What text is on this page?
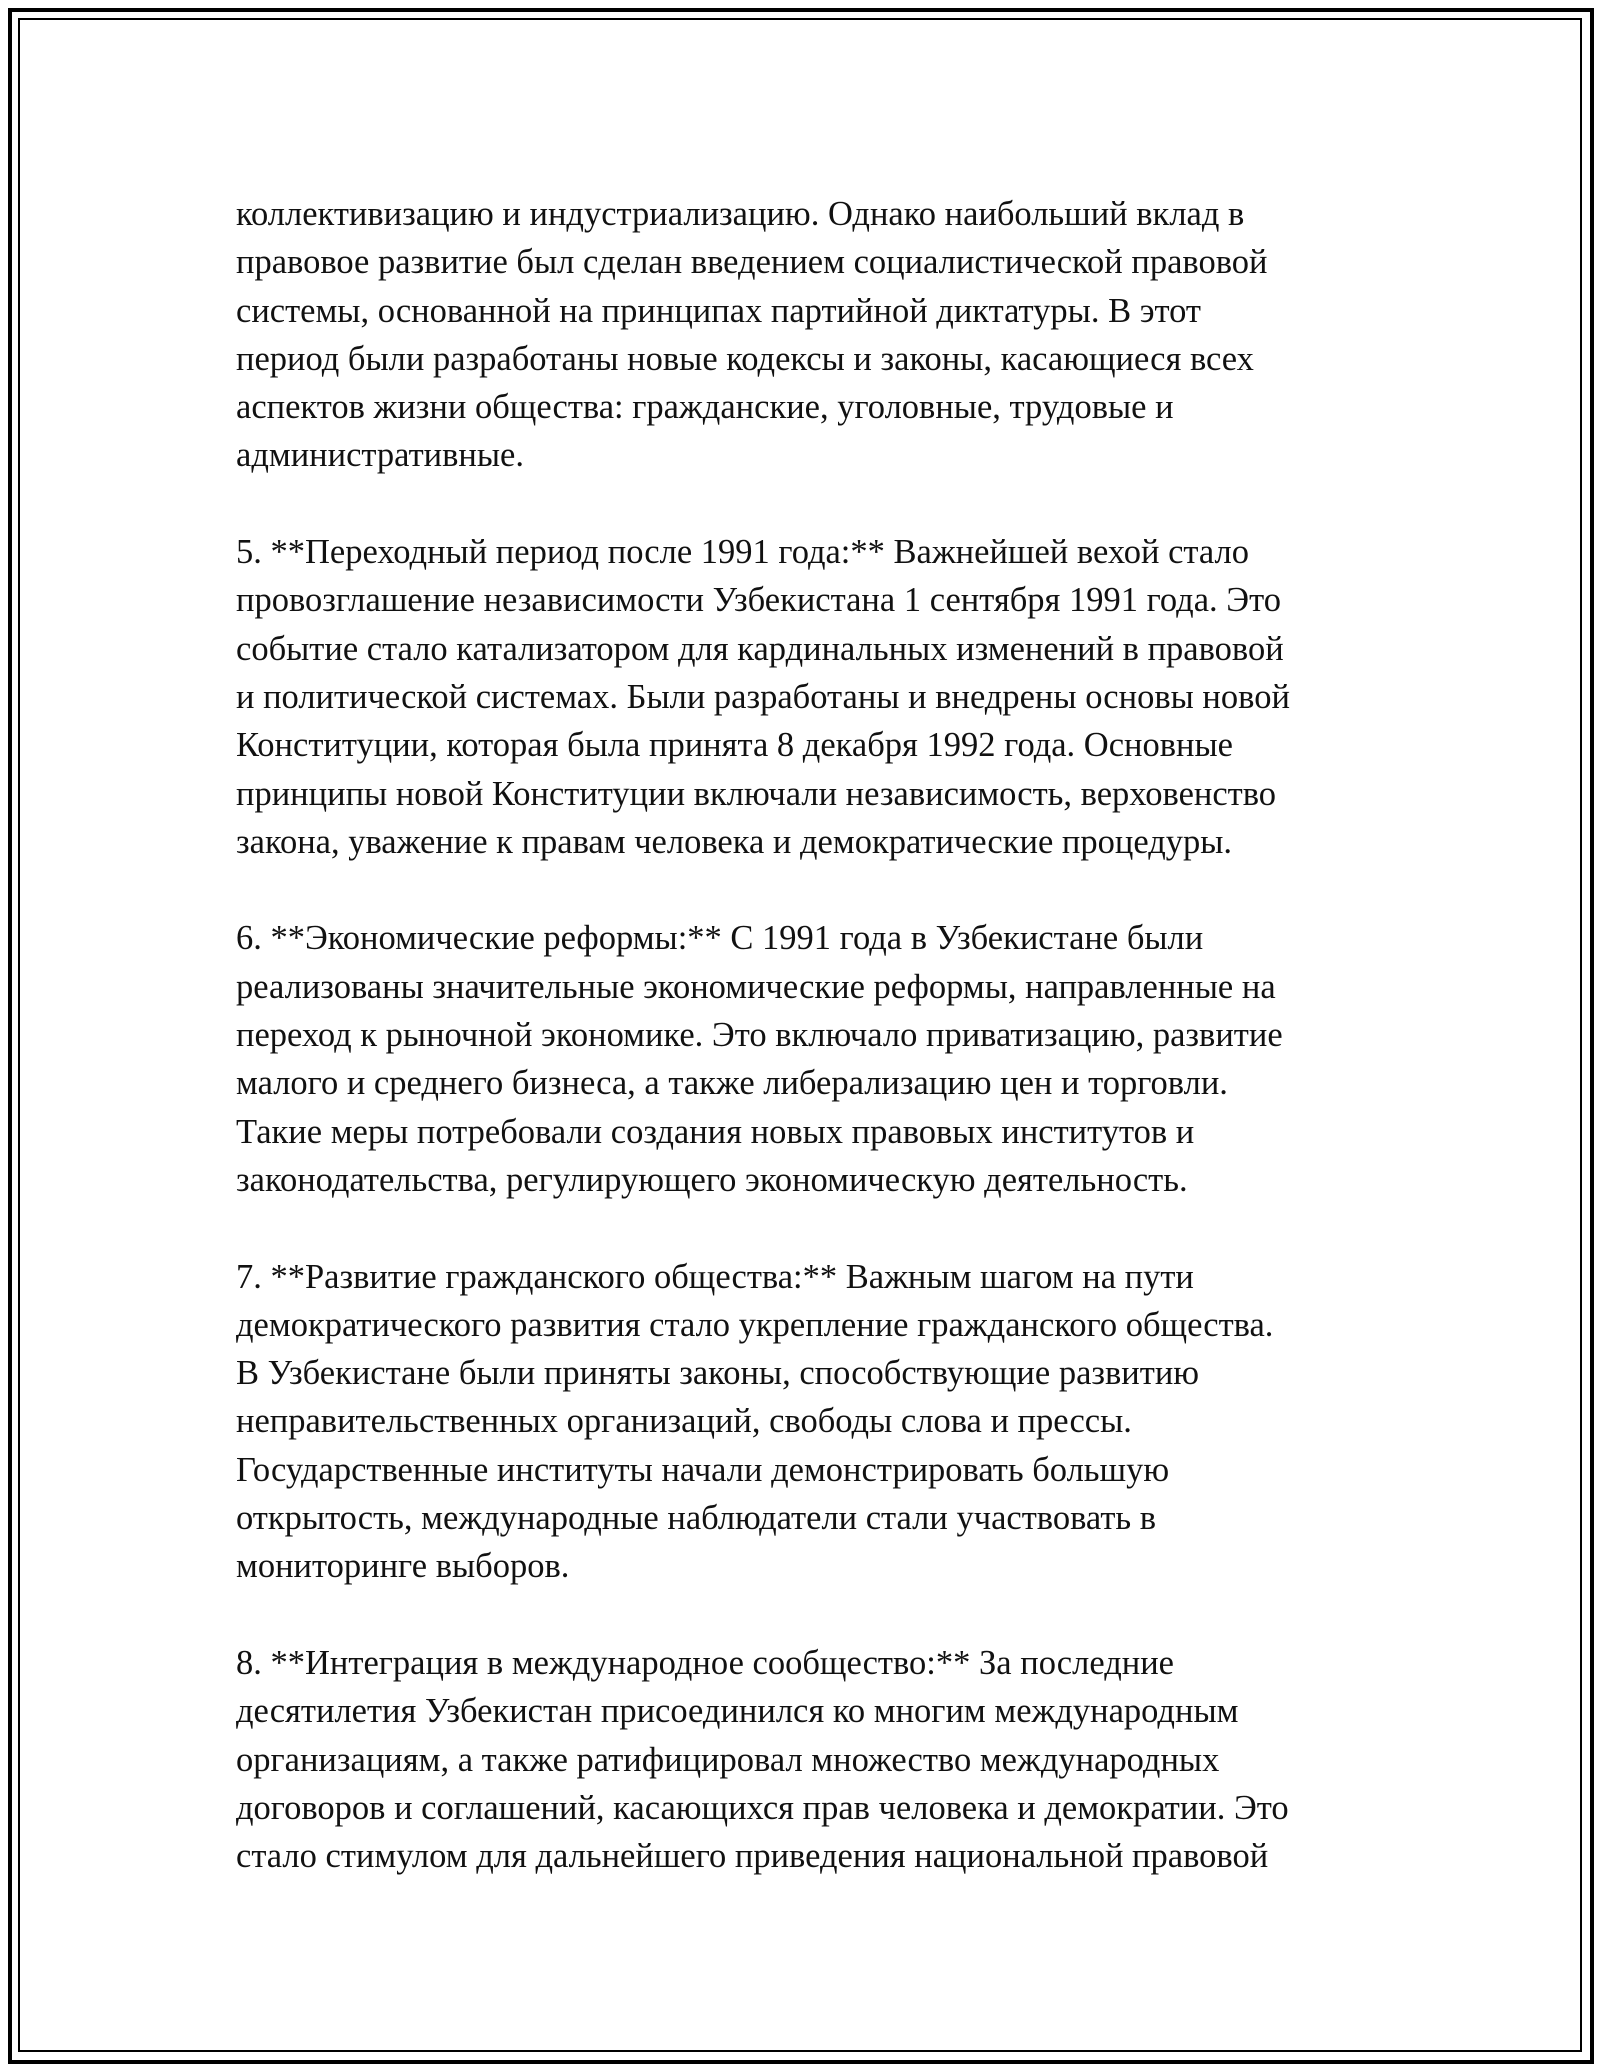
коллективизацию и индустриализацию. Однако наибольший вклад в
правовое развитие был сделан введением социалистической правовой
системы, основанной на принципах партийной диктатуры. В этот
период были разработаны новые кодексы и законы, касающиеся всех
аспектов жизни общества: гражданские, уголовные, трудовые и
административные.
5. **Переходный период после 1991 года:** Важнейшей вехой стало
провозглашение независимости Узбекистана 1 сентября 1991 года. Это
событие стало катализатором для кардинальных изменений в правовой
и политической системах. Были разработаны и внедрены основы новой
Конституции, которая была принята 8 декабря 1992 года. Основные
принципы новой Конституции включали независимость, верховенство
закона, уважение к правам человека и демократические процедуры.
6. **Экономические реформы:** С 1991 года в Узбекистане были
реализованы значительные экономические реформы, направленные на
переход к рыночной экономике. Это включало приватизацию, развитие
малого и среднего бизнеса, а также либерализацию цен и торговли.
Такие меры потребовали создания новых правовых институтов и
законодательства, регулирующего экономическую деятельность.
7. **Развитие гражданского общества:** Важным шагом на пути
демократического развития стало укрепление гражданского общества.
В Узбекистане были приняты законы, способствующие развитию
неправительственных организаций, свободы слова и прессы.
Государственные институты начали демонстрировать большую
открытость, международные наблюдатели стали участвовать в
мониторинге выборов.
8. **Интеграция в международное сообщество:** За последние
десятилетия Узбекистан присоединился ко многим международным
организациям, а также ратифицировал множество международных
договоров и соглашений, касающихся прав человека и демократии. Это
стало стимулом для дальнейшего приведения национальной правовой
